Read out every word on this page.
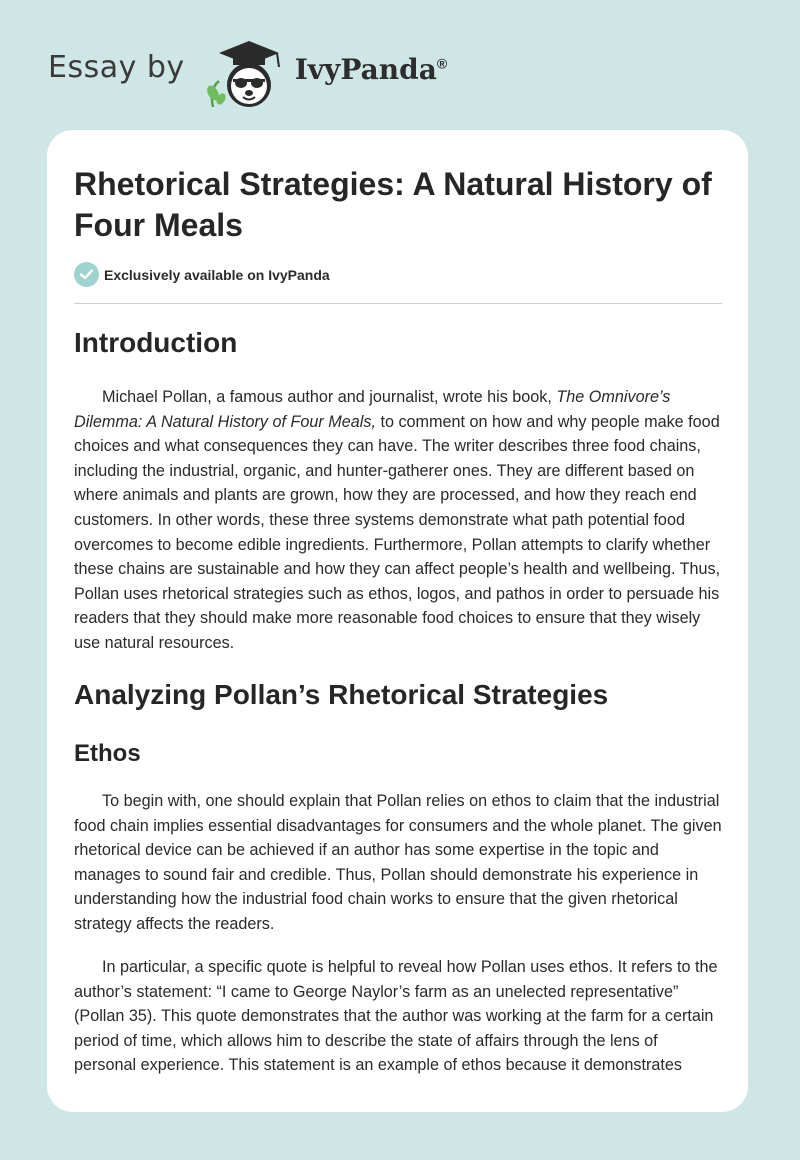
Essay by	IvyPanda®
Rhetorical Strategies: A Natural History of Four Meals
Exclusively available on IvyPanda
Introduction

Michael Pollan, a famous author and journalist, wrote his book, The Omnivore’s Dilemma: A Natural History of Four Meals, to comment on how and why people make food choices and what consequences they can have. The writer describes three food chains, including the industrial, organic, and hunter-gatherer ones. They are different based on where animals and plants are grown, how they are processed, and how they reach end customers. In other words, these three systems demonstrate what path potential food overcomes to become edible ingredients. Furthermore, Pollan attempts to clarify whether these chains are sustainable and how they can affect people’s health and wellbeing. Thus, Pollan uses rhetorical strategies such as ethos, logos, and pathos in order to persuade his readers that they should make more reasonable food choices to ensure that they wisely use natural resources.

Analyzing Pollan’s Rhetorical Strategies
Ethos

To begin with, one should explain that Pollan relies on ethos to claim that the industrial food chain implies essential disadvantages for consumers and the whole planet. The given rhetorical device can be achieved if an author has some expertise in the topic and manages to sound fair and credible. Thus, Pollan should demonstrate his experience in understanding how the industrial food chain works to ensure that the given rhetorical strategy affects the readers.

In particular, a specific quote is helpful to reveal how Pollan uses ethos. It refers to the author’s statement: “I came to George Naylor’s farm as an unelected representative” (Pollan 35). This quote demonstrates that the author was working at the farm for a certain period of time, which allows him to describe the state of affairs through the lens of personal experience. This statement is an example of ethos because it demonstrates
